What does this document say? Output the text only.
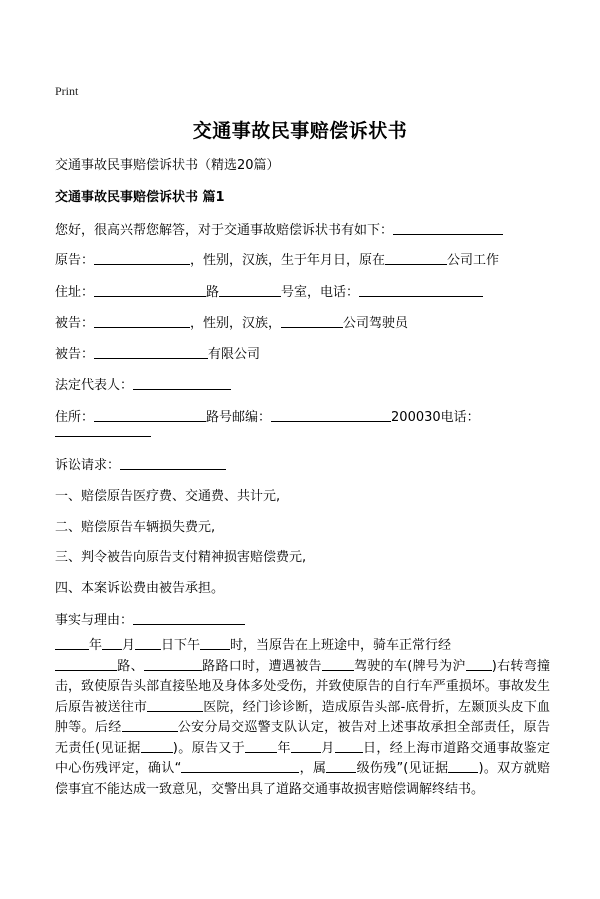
Print
交通事故民事赔偿诉状书
交通事故民事赔偿诉状书（精选20篇）
交通事故民事赔偿诉状书 篇1
您好，很高兴帮您解答，对于交通事故赔偿诉状书有如下：
原告：	，性别，汉族，生于年月日，原在	公司工作
住址：	路	号室，电话：
被告：	，性别，汉族，	公司驾驶员
被告：	有限公司
法定代表人：
住所：	路号邮编：	200030电话：
诉讼请求：
一、赔偿原告医疗费、交通费、共计元,
二、赔偿原告车辆损失费元,
三、判令被告向原告支付精神损害赔偿费元,
四、本案诉讼费由被告承担。
事实与理由：
年 月 日下午 时，当原告在上班途中，骑车正常行经
路、	路路口时，遭遇被告 驾驶的车(牌号为沪 )右转弯撞击，致使原告头部直接坠地及身体多处受伤，并致使原告的自行车严重损坏。事故发生后原告被送往市	医院，经门诊诊断，造成原告头部-底骨折，左颞顶头皮下血肿等。后经	公安分局交巡警支队认定，被告对上述事故承担全部责任，原告无责任(见证据 )。原告又于 年 月 日，经上海市道路交通事故鉴定中心伤残评定，确认“	，属 级伤残”(见证据 )。双方就赔偿事宜不能达成一致意见，交警出具了道路交通事故损害赔偿调解终结书。
